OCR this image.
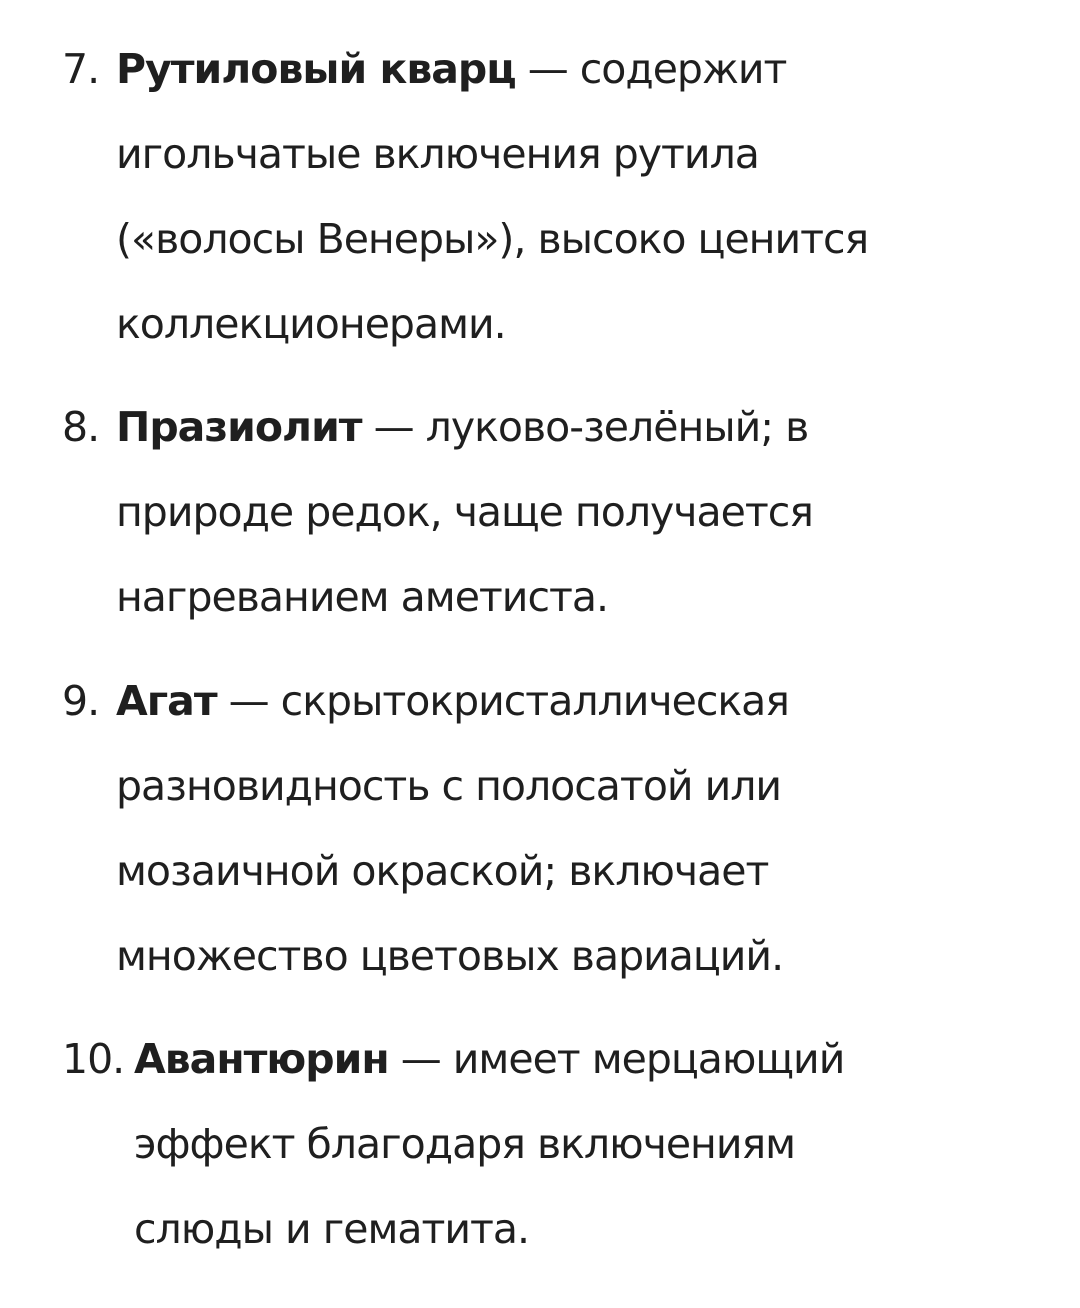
7. Рутиловый кварц — содержит
игольчатые включения рутила
(«волосы Венеры»), высоко ценится
коллекционерами.
8. Празиолит — луково-зелёный; в
природе редок, чаще получается
нагреванием аметиста.
9. Агат — скрытокристаллическая
разновидность с полосатой или
мозаичной окраской; включает
множество цветовых вариаций.
10. Авантюрин — имеет мерцающий
эффект благодаря включениям
слюды и гематита.
